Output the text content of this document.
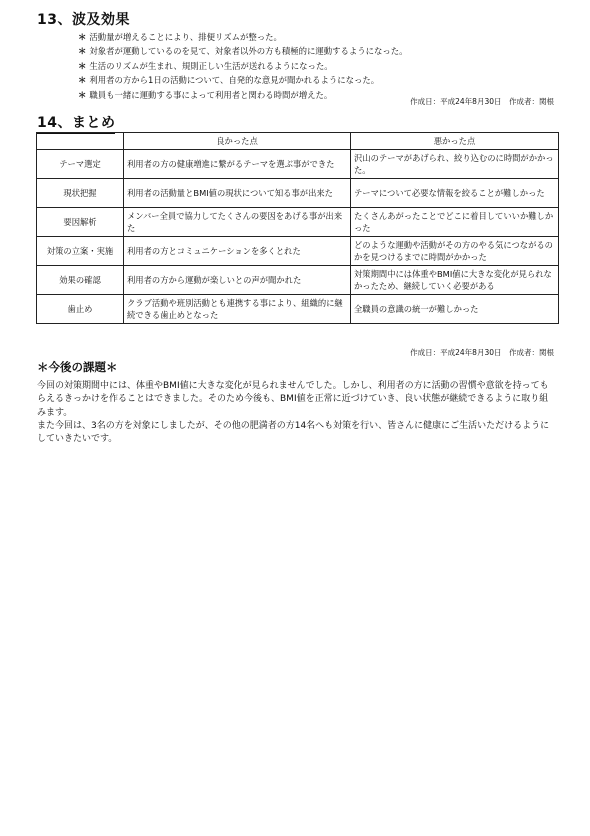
13、波及効果
＊ 活動量が増えることにより、排便リズムが整った。
＊ 対象者が運動しているのを見て、対象者以外の方も積極的に運動するようになった。
＊ 生活のリズムが生まれ、規則正しい生活が送れるようになった。
＊ 利用者の方から1日の活動について、自発的な意見が聞かれるようになった。
＊ 職員も一緒に運動する事によって利用者と関わる時間が増えた。
作成日：平成24年8月30日　作成者：関根
14、まとめ
	良かった点	悪かった点
テーマ選定	利用者の方の健康増進に繋がるテーマを選ぶ事ができた	沢山のテーマがあげられ、絞り込むのに時間がかかった。
現状把握	利用者の活動量とBMI値の現状について知る事が出来た	テーマについて必要な情報を絞ることが難しかった
要因解析	メンバー全員で協力してたくさんの要因をあげる事が出来た	たくさんあがったことでどこに着目していいか難しかった
対策の立案・実施	利用者の方とコミュニケーションを多くとれた	どのような運動や活動がその方のやる気につながるのかを見つけるまでに時間がかかった
効果の確認	利用者の方から運動が楽しいとの声が聞かれた	対策期間中には体重やBMI値に大きな変化が見られなかったため、継続していく必要がある
歯止め	クラブ活動や班別活動とも連携する事により、組織的に継続できる歯止めとなった	全職員の意識の統一が難しかった
作成日：平成24年8月30日　作成者：関根
＊今後の課題＊

今回の対策期間中には、体重やBMI値に大きな変化が見られませんでした。しかし、利用者の方に活動の習慣や意欲を持ってもらえるきっかけを作ることはできました。そのため今後も、BMI値を正常に近づけていき、良い状態が継続できるように取り組みます。

また今回は、3名の方を対象にしましたが、その他の肥満者の方14名へも対策を行い、皆さんに健康にご生活いただけるようにしていきたいです。
